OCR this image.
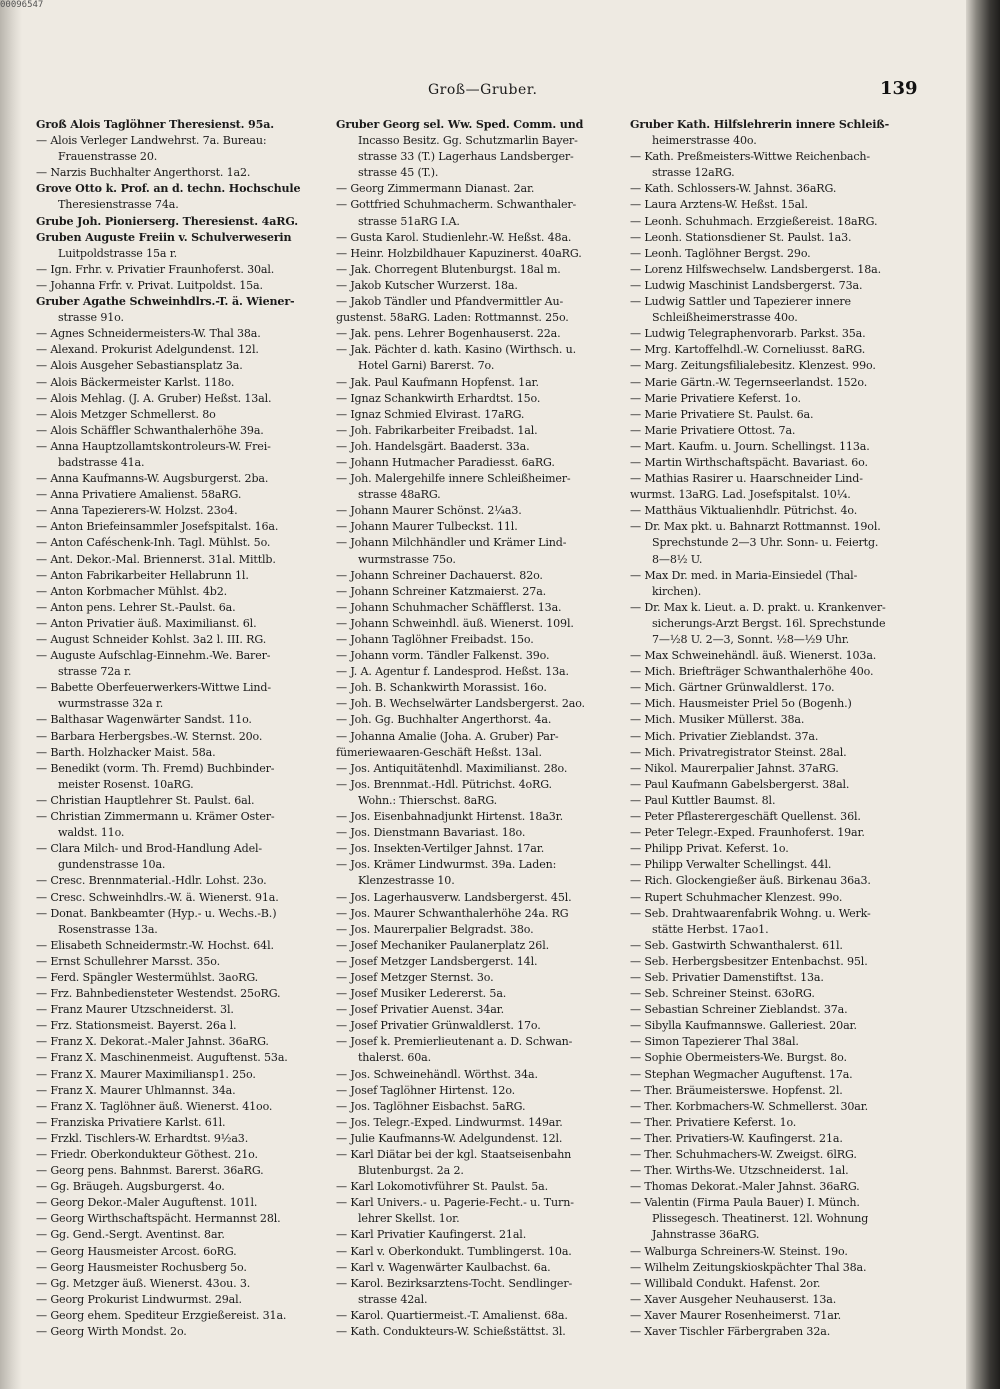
00096547
Groß—Gruber.	139
Groß Alois Taglöhner Theresienst. 95a.
— Alois Verleger Landwehrst. 7a. Bureau:
Frauenstrasse 20.
— Narzis Buchhalter Angerthorst. 1a2.
Grove Otto k. Prof. an d. techn. Hochschule
Theresienstrasse 74a.
Grube Joh. Pionierserg. Theresienst. 4aRG.
Gruben Auguste Freiin v. Schulverweserin
Luitpoldstrasse 15a r.
— Ign. Frhr. v. Privatier Fraunhoferst. 30al.
— Johanna Frfr. v. Privat. Luitpoldst. 15a.
Gruber Agathe Schweinhdlrs.-T. ä. Wiener-
strasse 91o.
— Agnes Schneidermeisters-W. Thal 38a.
— Alexand. Prokurist Adelgundenst. 12l.
— Alois Ausgeher Sebastiansplatz 3a.
— Alois Bäckermeister Karlst. 118o.
— Alois Mehlag. (J. A. Gruber) Heßst. 13al.
— Alois Metzger Schmellerst. 8o
— Alois Schäffler Schwanthalerhöhe 39a.
— Anna Hauptzollamtskontroleurs-W. Frei-
badstrasse 41a.
— Anna Kaufmanns-W. Augsburgerst. 2ba.
— Anna Privatiere Amalienst. 58aRG.
— Anna Tapezierers-W. Holzst. 23o4.
— Anton Briefeinsammler Josefspitalst. 16a.
— Anton Caféschenk-Inh. Tagl. Mühlst. 5o.
— Ant. Dekor.-Mal. Briennerst. 31al. Mittlb.
— Anton Fabrikarbeiter Hellabrunn 1l.
— Anton Korbmacher Mühlst. 4b2.
— Anton pens. Lehrer St.-Paulst. 6a.
— Anton Privatier äuß. Maximilianst. 6l.
— August Schneider Kohlst. 3a2 l. III. RG.
— Auguste Aufschlag-Einnehm.-We. Barer-
strasse 72a r.
— Babette Oberfeuerwerkers-Wittwe Lind-
wurmstrasse 32a r.
— Balthasar Wagenwärter Sandst. 11o.
— Barbara Herbergsbes.-W. Sternst. 20o.
— Barth. Holzhacker Maist. 58a.
— Benedikt (vorm. Th. Fremd) Buchbinder-
meister Rosenst. 10aRG.
— Christian Hauptlehrer St. Paulst. 6al.
— Christian Zimmermann u. Krämer Oster-
waldst. 11o.
— Clara Milch- und Brod-Handlung Adel-
gundenstrasse 10a.
— Cresc. Brennmaterial.-Hdlr. Lohst. 23o.
— Cresc. Schweinhdlrs.-W. ä. Wienerst. 91a.
— Donat. Bankbeamter (Hyp.- u. Wechs.-B.)
Rosenstrasse 13a.
— Elisabeth Schneidermstr.-W. Hochst. 64l.
— Ernst Schullehrer Marsst. 35o.
— Ferd. Spängler Westermühlst. 3aoRG.
— Frz. Bahnbediensteter Westendst. 25oRG.
— Franz Maurer Utzschneiderst. 3l.
— Frz. Stationsmeist. Bayerst. 26a l.
— Franz X. Dekorat.-Maler Jahnst. 36aRG.
— Franz X. Maschinenmeist. Auguftenst. 53a.
— Franz X. Maurer Maximiliansp1. 25o.
— Franz X. Maurer Uhlmannst. 34a.
— Franz X. Taglöhner äuß. Wienerst. 41oo.
— Franziska Privatiere Karlst. 61l.
— Frzkl. Tischlers-W. Erhardtst. 9½a3.
— Friedr. Oberkondukteur Göthest. 21o.
— Georg pens. Bahnmst. Barerst. 36aRG.
— Gg. Bräugeh. Augsburgerst. 4o.
— Georg Dekor.-Maler Auguftenst. 101l.
— Georg Wirthschaftspächt. Hermannst 28l.
— Gg. Gend.-Sergt. Aventinst. 8ar.
— Georg Hausmeister Arcost. 6oRG.
— Georg Hausmeister Rochusberg 5o.
— Gg. Metzger äuß. Wienerst. 43ou. 3.
— Georg Prokurist Lindwurmst. 29al.
— Georg ehem. Spediteur Erzgießereist. 31a.
— Georg Wirth Mondst. 2o.
Gruber Georg sel. Ww. Sped. Comm. und
Incasso Besitz. Gg. Schutzmarlin Bayer-
strasse 33 (T.) Lagerhaus Landsberger-
strasse 45 (T.).
— Georg Zimmermann Dianast. 2ar.
— Gottfried Schuhmacherm. Schwanthaler-
strasse 51aRG I.A.
— Gusta Karol. Studienlehr.-W. Heßst. 48a.
— Heinr. Holzbildhauer Kapuzinerst. 40aRG.
— Jak. Chorregent Blutenburgst. 18al m.
— Jakob Kutscher Wurzerst. 18a.
— Jakob Tändler und Pfandvermittler Au-
gustenst. 58aRG. Laden: Rottmannst. 25o.
— Jak. pens. Lehrer Bogenhauserst. 22a.
— Jak. Pächter d. kath. Kasino (Wirthsch. u.
Hotel Garni) Barerst. 7o.
— Jak. Paul Kaufmann Hopfenst. 1ar.
— Ignaz Schankwirth Erhardtst. 15o.
— Ignaz Schmied Elvirast. 17aRG.
— Joh. Fabrikarbeiter Freibadst. 1al.
— Joh. Handelsgärt. Baaderst. 33a.
— Johann Hutmacher Paradiesst. 6aRG.
— Joh. Malergehilfe innere Schleißheimer-
strasse 48aRG.
— Johann Maurer Schönst. 2¼a3.
— Johann Maurer Tulbeckst. 11l.
— Johann Milchhändler und Krämer Lind-
wurmstrasse 75o.
— Johann Schreiner Dachauerst. 82o.
— Johann Schreiner Katzmaierst. 27a.
— Johann Schuhmacher Schäfflerst. 13a.
— Johann Schweinhdl. äuß. Wienerst. 109l.
— Johann Taglöhner Freibadst. 15o.
— Johann vorm. Tändler Falkenst. 39o.
— J. A. Agentur f. Landesprod. Heßst. 13a.
— Joh. B. Schankwirth Morassist. 16o.
— Joh. B. Wechselwärter Landsbergerst. 2ao.
— Joh. Gg. Buchhalter Angerthorst. 4a.
— Johanna Amalie (Joha. A. Gruber) Par-
fümeriewaaren-Geschäft Heßst. 13al.
— Jos. Antiquitätenhdl. Maximilianst. 28o.
— Jos. Brennmat.-Hdl. Pütrichst. 4oRG.
Wohn.: Thierschst. 8aRG.
— Jos. Eisenbahnadjunkt Hirtenst. 18a3r.
— Jos. Dienstmann Bavariast. 18o.
— Jos. Insekten-Vertilger Jahnst. 17ar.
— Jos. Krämer Lindwurmst. 39a. Laden:
Klenzestrasse 10.
— Jos. Lagerhausverw. Landsbergerst. 45l.
— Jos. Maurer Schwanthalerhöhe 24a. RG
— Jos. Maurerpalier Belgradst. 38o.
— Josef Mechaniker Paulanerplatz 26l.
— Josef Metzger Landsbergerst. 14l.
— Josef Metzger Sternst. 3o.
— Josef Musiker Ledererst. 5a.
— Josef Privatier Auenst. 34ar.
— Josef Privatier Grünwaldlerst. 17o.
— Josef k. Premierlieutenant a. D. Schwan-
thalerst. 60a.
— Jos. Schweinehändl. Wörthst. 34a.
— Josef Taglöhner Hirtenst. 12o.
— Jos. Taglöhner Eisbachst. 5aRG.
— Jos. Telegr.-Exped. Lindwurmst. 149ar.
— Julie Kaufmanns-W. Adelgundenst. 12l.
— Karl Diätar bei der kgl. Staatseisenbahn
Blutenburgst. 2a 2.
— Karl Lokomotivführer St. Paulst. 5a.
— Karl Univers.- u. Pagerie-Fecht.- u. Turn-
lehrer Skellst. 1or.
— Karl Privatier Kaufingerst. 21al.
— Karl v. Oberkondukt. Tumblingerst. 10a.
— Karl v. Wagenwärter Kaulbachst. 6a.
— Karol. Bezirksarztens-Tocht. Sendlinger-
strasse 42al.
— Karol. Quartiermeist.-T. Amalienst. 68a.
— Kath. Condukteurs-W. Schießstättst. 3l.
Gruber Kath. Hilfslehrerin innere Schleiß-
heimerstrasse 40o.
— Kath. Preßmeisters-Wittwe Reichenbach-
strasse 12aRG.
— Kath. Schlossers-W. Jahnst. 36aRG.
— Laura Arztens-W. Heßst. 15al.
— Leonh. Schuhmach. Erzgießereist. 18aRG.
— Leonh. Stationsdiener St. Paulst. 1a3.
— Leonh. Taglöhner Bergst. 29o.
— Lorenz Hilfswechselw. Landsbergerst. 18a.
— Ludwig Maschinist Landsbergerst. 73a.
— Ludwig Sattler und Tapezierer innere
Schleißheimerstrasse 40o.
— Ludwig Telegraphenvorarb. Parkst. 35a.
— Mrg. Kartoffelhdl.-W. Corneliusst. 8aRG.
— Marg. Zeitungsfilialebesitz. Klenzest. 99o.
— Marie Gärtn.-W. Tegernseerlandst. 152o.
— Marie Privatiere Keferst. 1o.
— Marie Privatiere St. Paulst. 6a.
— Marie Privatiere Ottost. 7a.
— Mart. Kaufm. u. Journ. Schellingst. 113a.
— Martin Wirthschaftspächt. Bavariast. 6o.
— Mathias Rasirer u. Haarschneider Lind-
wurmst. 13aRG. Lad. Josefspitalst. 10¼.
— Matthäus Viktualienhdlr. Pütrichst. 4o.
— Dr. Max pkt. u. Bahnarzt Rottmannst. 19ol.
Sprechstunde 2—3 Uhr. Sonn- u. Feiertg.
8—8½ U.
— Max Dr. med. in Maria-Einsiedel (Thal-
kirchen).
— Dr. Max k. Lieut. a. D. prakt. u. Krankenver-
sicherungs-Arzt Bergst. 16l. Sprechstunde
7—½8 U. 2—3, Sonnt. ½8—½9 Uhr.
— Max Schweinehändl. äuß. Wienerst. 103a.
— Mich. Briefträger Schwanthalerhöhe 40o.
— Mich. Gärtner Grünwaldlerst. 17o.
— Mich. Hausmeister Priel 5o (Bogenh.)
— Mich. Musiker Müllerst. 38a.
— Mich. Privatier Zieblandst. 37a.
— Mich. Privatregistrator Steinst. 28al.
— Nikol. Maurerpalier Jahnst. 37aRG.
— Paul Kaufmann Gabelsbergerst. 38al.
— Paul Kuttler Baumst. 8l.
— Peter Pflasterergeschäft Quellenst. 36l.
— Peter Telegr.-Exped. Fraunhoferst. 19ar.
— Philipp Privat. Keferst. 1o.
— Philipp Verwalter Schellingst. 44l.
— Rich. Glockengießer äuß. Birkenau 36a3.
— Rupert Schuhmacher Klenzest. 99o.
— Seb. Drahtwaarenfabrik Wohng. u. Werk-
stätte Herbst. 17ao1.
— Seb. Gastwirth Schwanthalerst. 61l.
— Seb. Herbergsbesitzer Entenbachst. 95l.
— Seb. Privatier Damenstiftst. 13a.
— Seb. Schreiner Steinst. 63oRG.
— Sebastian Schreiner Zieblandst. 37a.
— Sibylla Kaufmannswe. Galleriest. 20ar.
— Simon Tapezierer Thal 38al.
— Sophie Obermeisters-We. Burgst. 8o.
— Stephan Wegmacher Auguftenst. 17a.
— Ther. Bräumeisterswe. Hopfenst. 2l.
— Ther. Korbmachers-W. Schmellerst. 30ar.
— Ther. Privatiere Keferst. 1o.
— Ther. Privatiers-W. Kaufingerst. 21a.
— Ther. Schuhmachers-W. Zweigst. 6lRG.
— Ther. Wirths-We. Utzschneiderst. 1al.
— Thomas Dekorat.-Maler Jahnst. 36aRG.
— Valentin (Firma Paula Bauer) I. Münch.
Plissegesch. Theatinerst. 12l. Wohnung
Jahnstrasse 36aRG.
— Walburga Schreiners-W. Steinst. 19o.
— Wilhelm Zeitungskioskpächter Thal 38a.
— Willibald Condukt. Hafenst. 2or.
— Xaver Ausgeher Neuhauserst. 13a.
— Xaver Maurer Rosenheimerst. 71ar.
— Xaver Tischler Färbergraben 32a.
